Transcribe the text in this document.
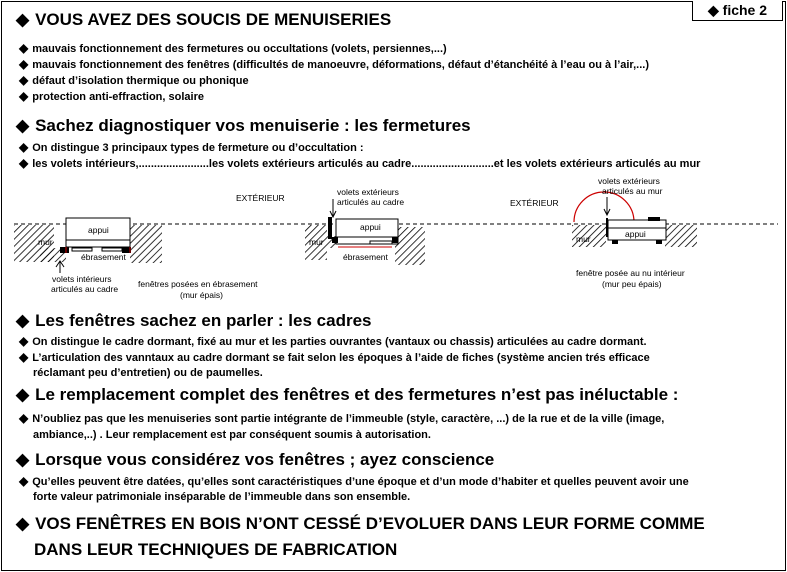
◆ fiche 2
◆ VOUS AVEZ DES SOUCIS DE MENUISERIES
◆ mauvais fonctionnement des fermetures ou occultations (volets, persiennes,...)
◆ mauvais fonctionnement des fenêtres (difficultés de manoeuvre, déformations, défaut d’étanchéité à l’eau ou à l’air,...)
◆ défaut d’isolation thermique ou phonique
◆ protection anti-effraction, solaire
◆ Sachez diagnostiquer vos menuiserie : les fermetures
◆ On distingue 3 principaux types de fermeture ou d’occultation :
◆ les volets intérieurs,.......................les volets extérieurs articulés au cadre...........................et les volets extérieurs articulés au mur
appui
mur
ébrasement
volets intérieurs
articulés au cadre fenêtres posées en ébrasement
(mur épais)
EXTÉRIEUR
volets extérieurs
articulés au cadre
appui
mur
ébrasement
EXTÉRIEUR
volets extérieurs
articulés au mur
appui
mur
fenêtre posée au nu intérieur
(mur peu épais)
◆ Les fenêtres sachez en parler : les cadres
◆ On distingue le cadre dormant, fixé au mur et les parties ouvrantes (vantaux ou chassis) articulées au cadre dormant.
◆ L’articulation des vanntaux au cadre dormant se fait selon les époques à l’aide de fiches (système ancien trés efficace
réclamant peu d’entretien) ou de paumelles.
◆ Le remplacement complet des fenêtres et des fermetures n’est pas inéluctable :
◆ N’oubliez pas que les menuiseries sont partie intégrante de l’immeuble (style, caractère, ...) de la rue et de la ville (image,
ambiance,..) . Leur remplacement est par conséquent soumis à autorisation.
◆ Lorsque vous considérez vos fenêtres ; ayez conscience
◆ Qu’elles peuvent être datées, qu’elles sont caractéristiques d’une époque et d’un mode d’habiter et quelles peuvent avoir une
forte valeur patrimoniale inséparable de l’immeuble dans son ensemble.
◆ VOS FENÊTRES EN BOIS N’ONT CESSÉ D’EVOLUER DANS LEUR FORME COMME
DANS LEUR TECHNIQUES DE FABRICATION
